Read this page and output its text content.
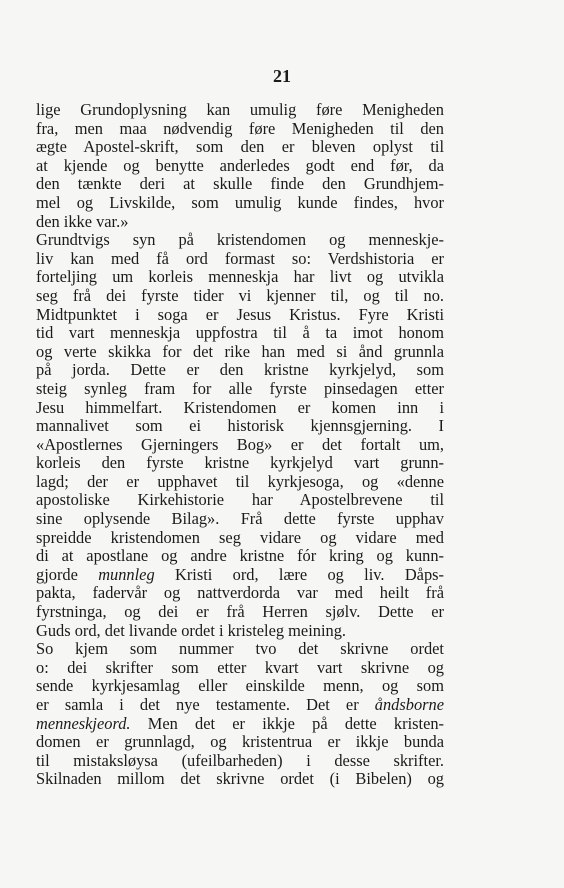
21
lige Grundoplysning kan umulig føre Menigheden
fra, men maa nødvendig føre Menigheden til den
ægte Apostel-skrift, som den er bleven oplyst til
at kjende og benytte anderledes godt end før, da
den tænkte deri at skulle finde den Grundhjem-
mel og Livskilde, som umulig kunde findes, hvor
den ikke var.»
Grundtvigs syn på kristendomen og menneskje-
liv kan med få ord formast so: Verdshistoria er
forteljing um korleis menneskja har livt og utvikla
seg frå dei fyrste tider vi kjenner til, og til no.
Midtpunktet i soga er Jesus Kristus. Fyre Kristi
tid vart menneskja uppfostra til å ta imot honom
og verte skikka for det rike han med si ånd grunnla
på jorda. Dette er den kristne kyrkjelyd, som
steig synleg fram for alle fyrste pinsedagen etter
Jesu himmelfart. Kristendomen er komen inn i
mannalivet som ei historisk kjennsgjerning. I
«Apostlernes Gjerningers Bog» er det fortalt um,
korleis den fyrste kristne kyrkjelyd vart grunn-
lagd; der er upphavet til kyrkjesoga, og «denne
apostoliske Kirkehistorie har Apostelbrevene til
sine oplysende Bilag». Frå dette fyrste upphav
spreidde kristendomen seg vidare og vidare med
di at apostlane og andre kristne fór kring og kunn-
gjorde munnleg Kristi ord, lære og liv. Dåps-
pakta, fadervår og nattverdorda var med heilt frå
fyrstninga, og dei er frå Herren sjølv. Dette er
Guds ord, det livande ordet i kristeleg meining.
So kjem som nummer tvo det skrivne ordet
o: dei skrifter som etter kvart vart skrivne og
sende kyrkjesamlag eller einskilde menn, og som
er samla i det nye testamente. Det er åndsborne
menneskjeord. Men det er ikkje på dette kristen-
domen er grunnlagd, og kristentrua er ikkje bunda
til mistaksløysa (ufeilbarheden) i desse skrifter.
Skilnaden millom det skrivne ordet (i Bibelen) og
